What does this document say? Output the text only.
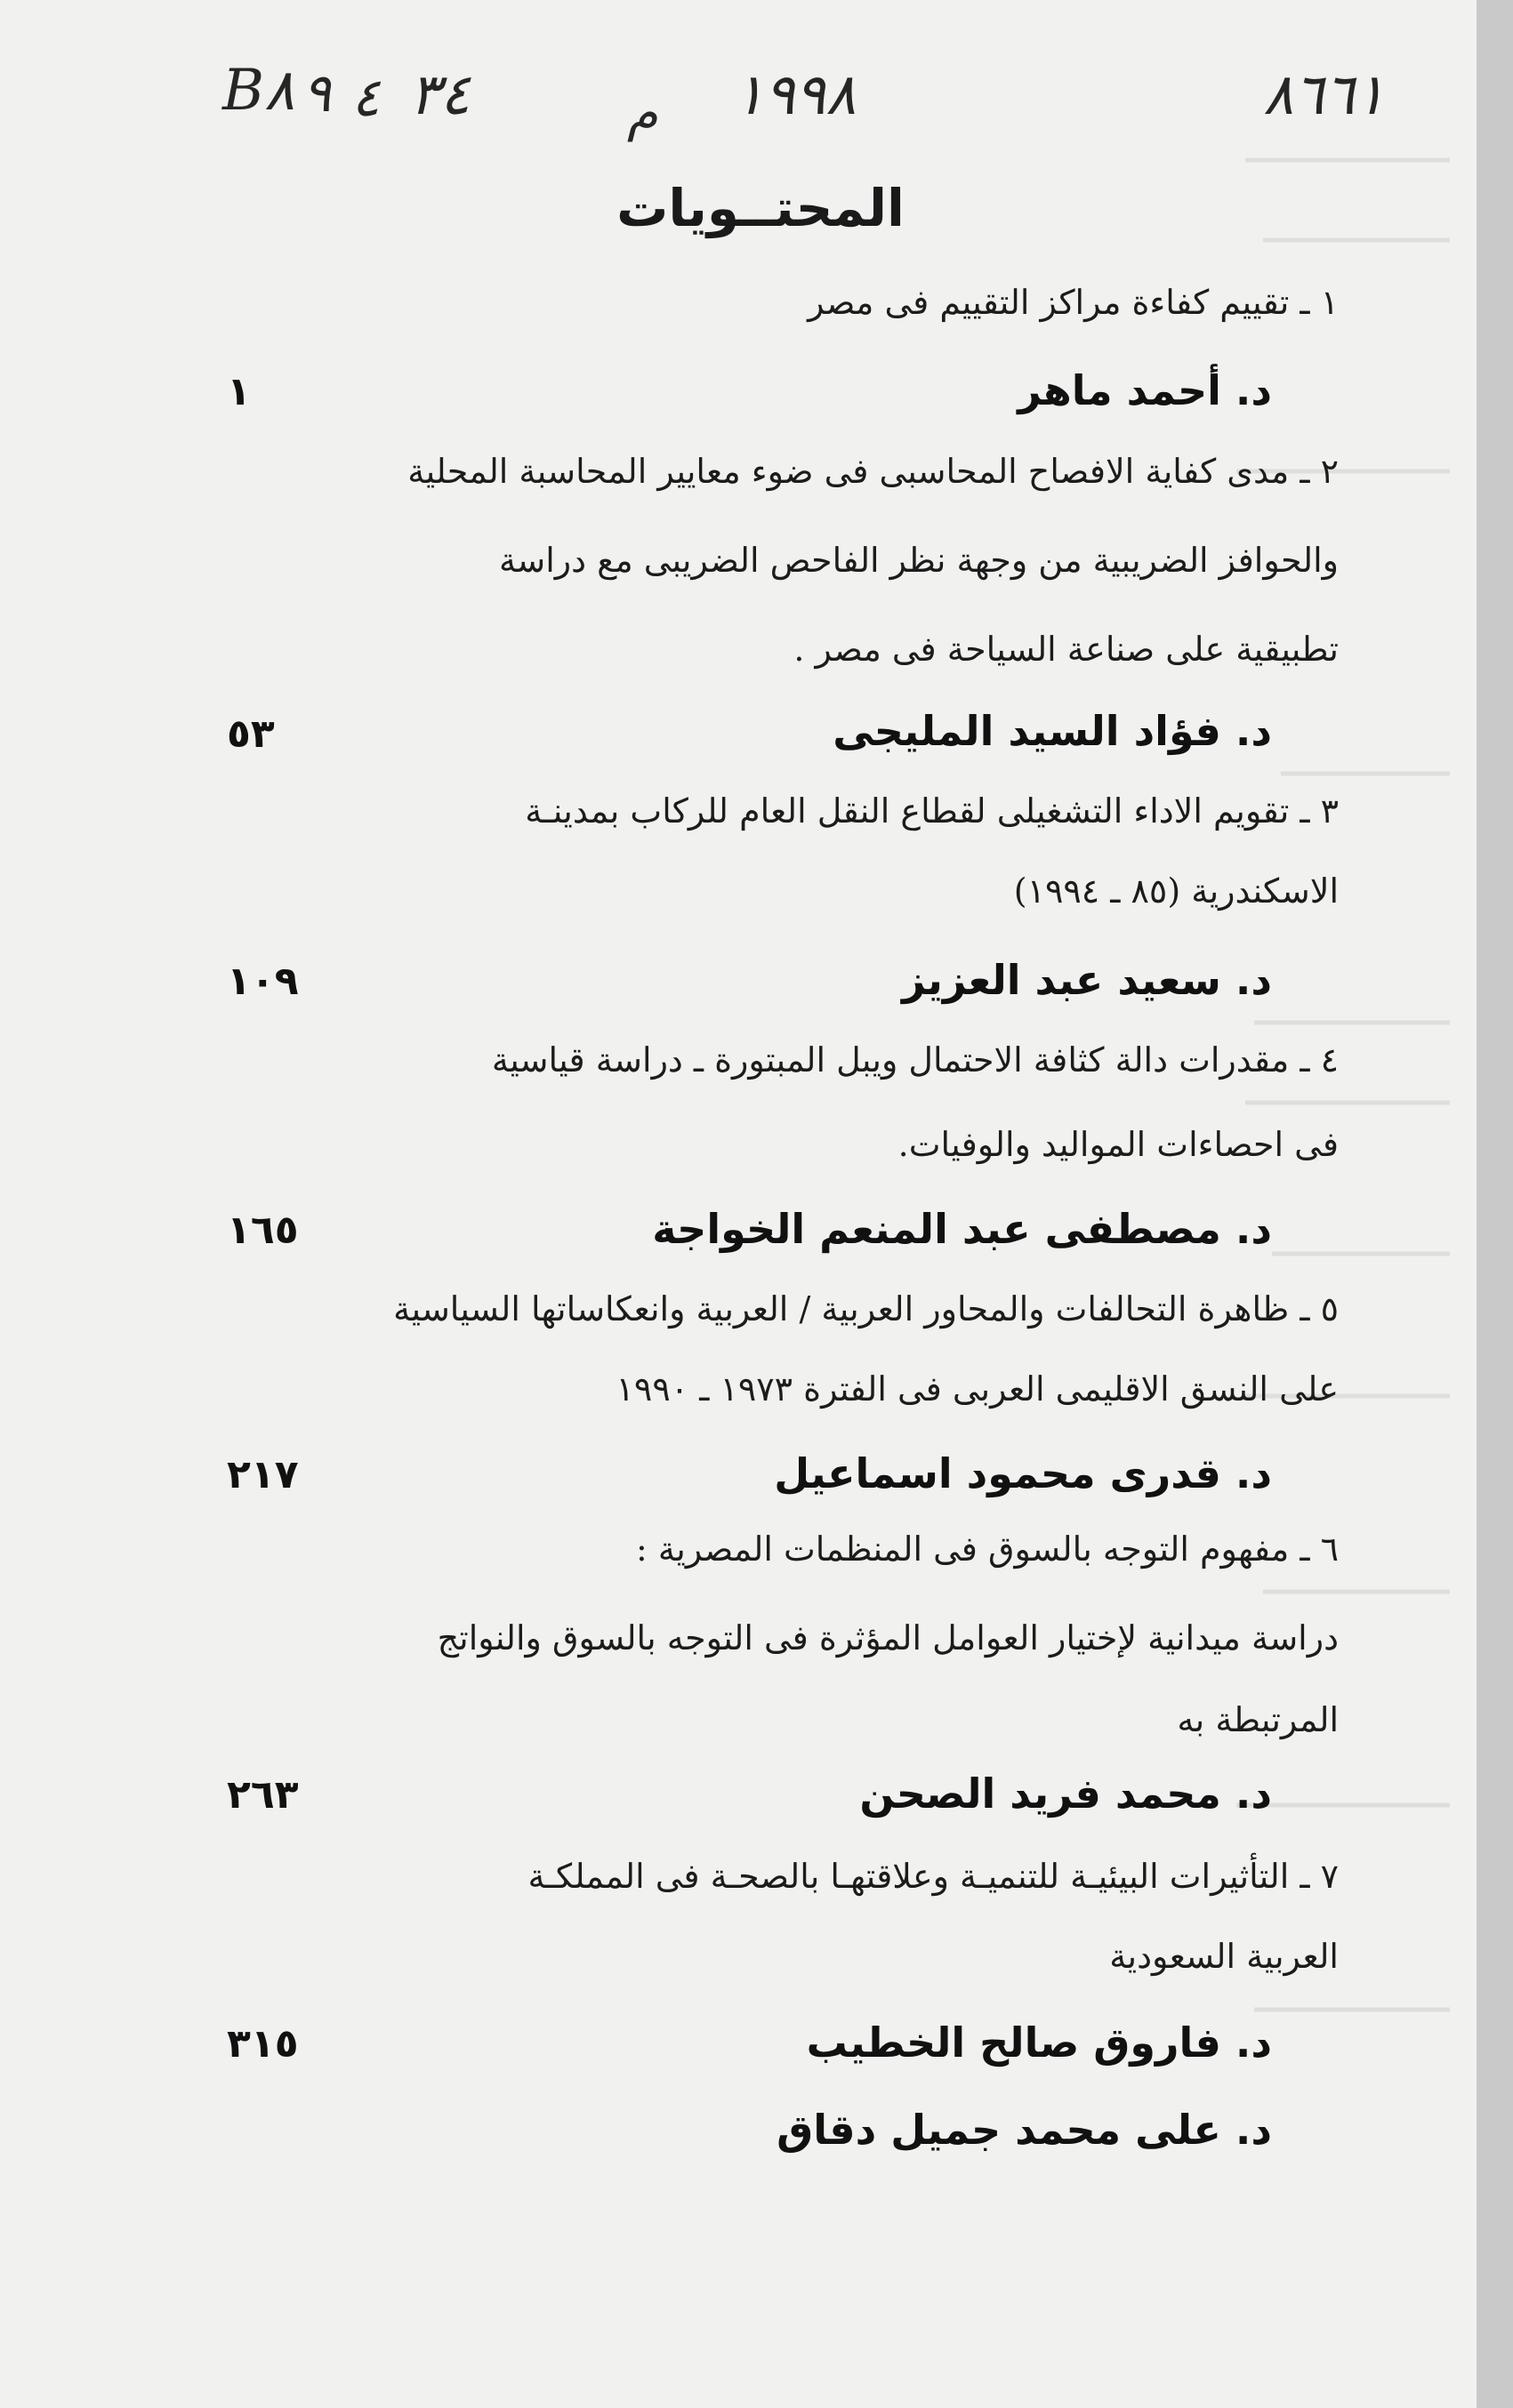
٨٦٦١
١٩٩٨
م
٣٤
٤
٩
B٨
المحتــويات
١ ـ تقييم كفاءة مراكز التقييم فى مصر
د. أحمد ماهر
١
٢ ـ مدى كفاية الافصاح المحاسبى فى ضوء معايير المحاسبة المحلية
والحوافز الضريبية من وجهة نظر الفاحص الضريبى مع دراسة
تطبيقية على صناعة السياحة فى مصر .
د. فؤاد السيد المليجى
٥٣
٣ ـ تقويم الاداء التشغيلى لقطاع النقل العام للركاب بمدينـة
الاسكندرية (٨٥ ـ ١٩٩٤)
د. سعيد عبد العزيز
١٠٩
٤ ـ مقدرات دالة كثافة الاحتمال ويبل المبتورة ـ دراسة قياسية
فى احصاءات المواليد والوفيات.
د. مصطفى عبد المنعم الخواجة
١٦٥
٥ ـ ظاهرة التحالفات والمحاور العربية / العربية وانعكاساتها السياسية
على النسق الاقليمى العربى فى الفترة ١٩٧٣ ـ ١٩٩٠
د. قدرى محمود اسماعيل
٢١٧
٦ ـ مفهوم التوجه بالسوق فى المنظمات المصرية :
دراسة ميدانية لإختيار العوامل المؤثرة فى التوجه بالسوق والنواتج
المرتبطة به
د. محمد فريد الصحن
٢٦٣
٧ ـ التأثيرات البيئيـة للتنميـة وعلاقتهـا بالصحـة فى المملكـة
العربية السعودية
د. فاروق صالح الخطيب
٣١٥
د. على محمد جميل دقاق
